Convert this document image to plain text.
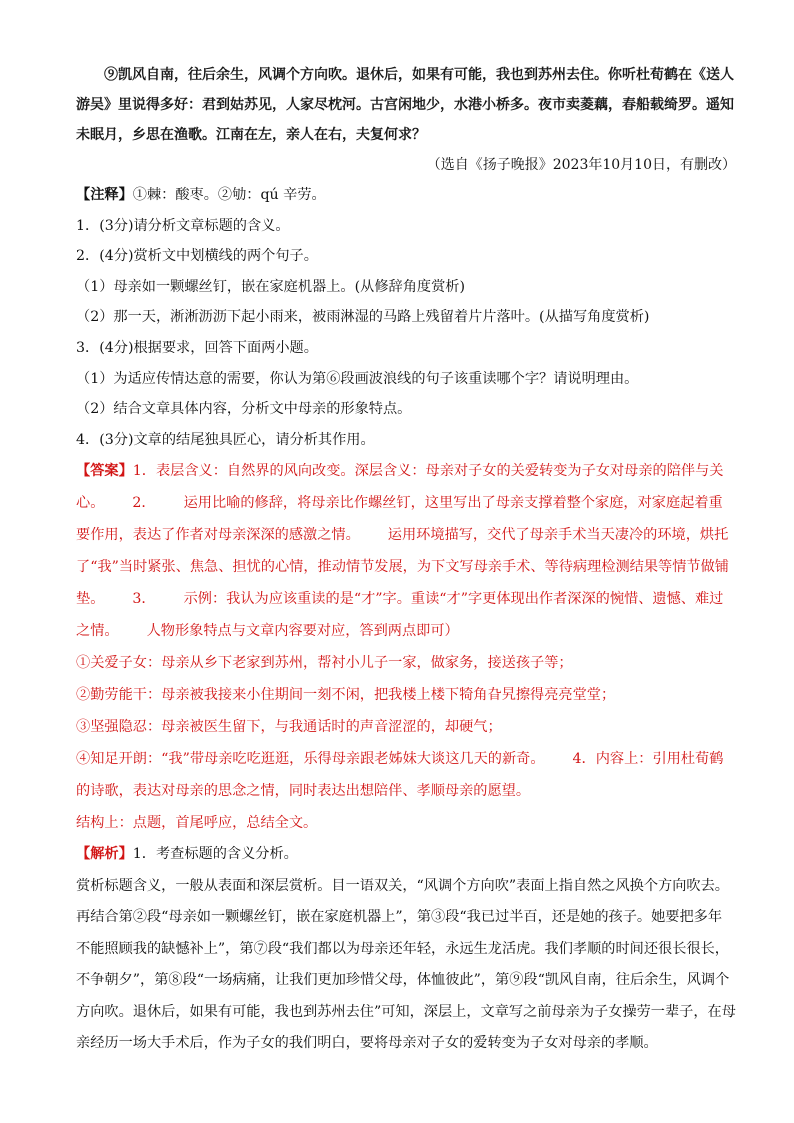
⑨凯风自南，往后余生，风调个方向吹。退休后，如果有可能，我也到苏州去住。你听杜荀鹤在《送人游吴》里说得多好：君到姑苏见，人家尽枕河。古宫闲地少，水港小桥多。夜市卖菱藕，春船载绮罗。遥知未眠月，乡思在渔歌。江南在左，亲人在右，夫复何求？

（选自《扬子晚报》2023年10月10日，有删改）

【注释】①棘：酸枣。②劬：qú 辛劳。

1．(3分)请分析文章标题的含义。

2．(4分)赏析文中划横线的两个句子。

（1）母亲如一颗螺丝钉，嵌在家庭机器上。(从修辞角度赏析)

（2）那一天，淅淅沥沥下起小雨来，被雨淋湿的马路上残留着片片落叶。(从描写角度赏析)

3．(4分)根据要求，回答下面两小题。

（1）为适应传情达意的需要，你认为第⑥段画波浪线的句子该重读哪个字？请说明理由。

（2）结合文章具体内容，分析文中母亲的形象特点。

4．(3分)文章的结尾独具匠心，请分析其作用。

【答案】1．表层含义：自然界的风向改变。深层含义：母亲对子女的关爱转变为子女对母亲的陪伴与关心。 2． 运用比喻的修辞，将母亲比作螺丝钉，这里写出了母亲支撑着整个家庭，对家庭起着重要作用，表达了作者对母亲深深的感激之情。 运用环境描写，交代了母亲手术当天凄冷的环境，烘托了“我”当时紧张、焦急、担忧的心情，推动情节发展，为下文写母亲手术、等待病理检测结果等情节做铺垫。 3． 示例：我认为应该重读的是“才”字。重读“才”字更体现出作者深深的惋惜、遗憾、难过之情。 人物形象特点与文章内容要对应，答到两点即可）

①关爱子女：母亲从乡下老家到苏州，帮衬小儿子一家，做家务，接送孩子等；

②勤劳能干：母亲被我接来小住期间一刻不闲，把我楼上楼下犄角旮旯擦得亮亮堂堂；

③坚强隐忍：母亲被医生留下，与我通话时的声音涩涩的，却硬气；

④知足开朗：“我”带母亲吃吃逛逛，乐得母亲跟老姊妹大谈这几天的新奇。 4．内容上：引用杜荀鹤的诗歌，表达对母亲的思念之情，同时表达出想陪伴、孝顺母亲的愿望。

结构上：点题，首尾呼应，总结全文。

【解析】1．考查标题的含义分析。

赏析标题含义，一般从表面和深层赏析。目一语双关，“风调个方向吹”表面上指自然之风换个方向吹去。再结合第②段“母亲如一颗螺丝钉，嵌在家庭机器上”，第③段“我已过半百，还是她的孩子。她要把多年不能照顾我的缺憾补上”，第⑦段“我们都以为母亲还年轻，永远生龙活虎。我们孝顺的时间还很长很长，不争朝夕”，第⑧段“一场病痛，让我们更加珍惜父母，体恤彼此”，第⑨段“凯风自南，往后余生，风调个方向吹。退休后，如果有可能，我也到苏州去住”可知，深层上，文章写之前母亲为子女操劳一辈子，在母亲经历一场大手术后，作为子女的我们明白，要将母亲对子女的爱转变为子女对母亲的孝顺。
